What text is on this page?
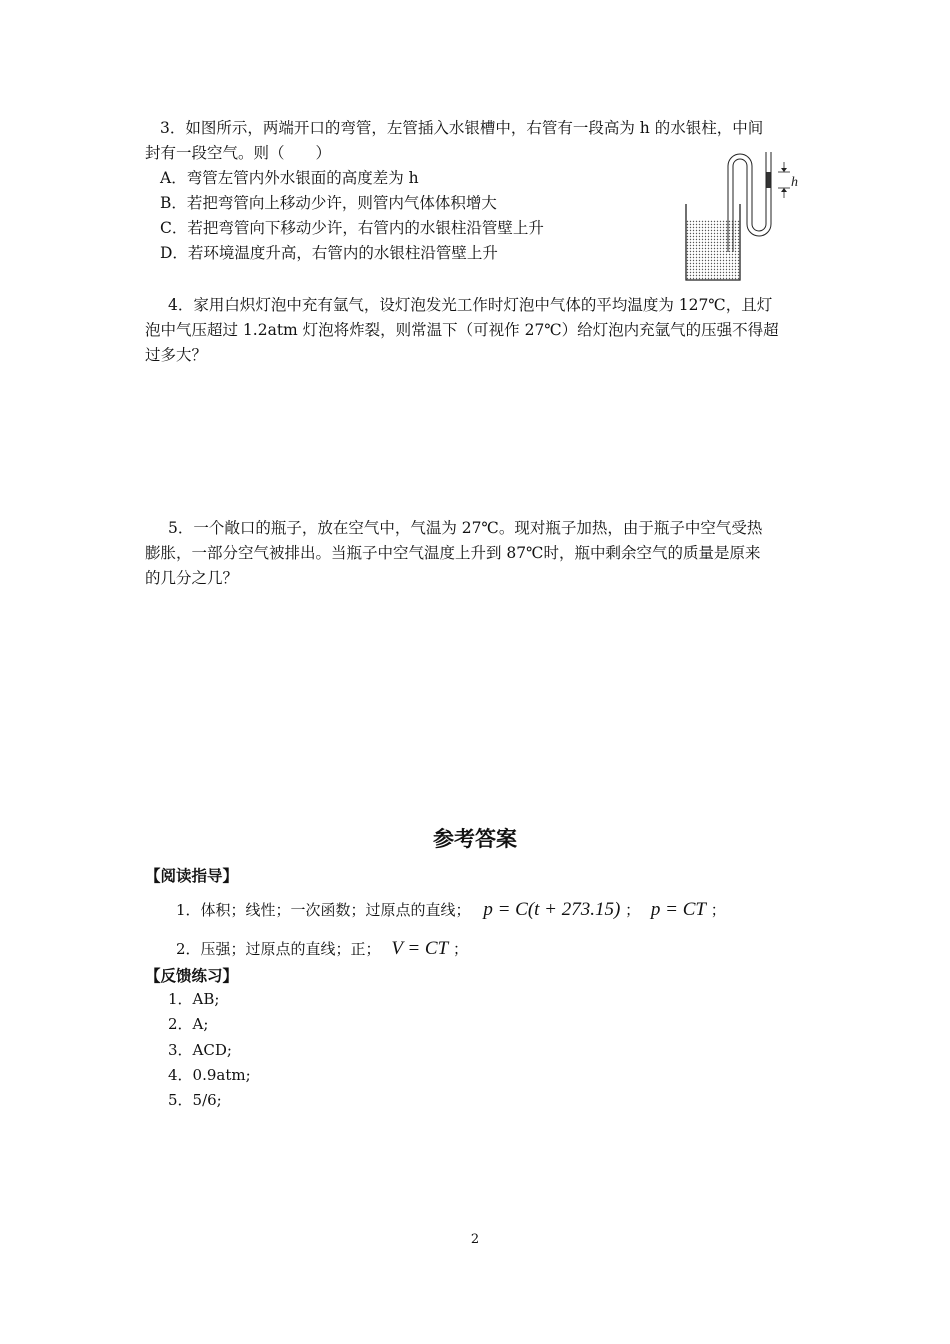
3．如图所示，两端开口的弯管，左管插入水银槽中，右管有一段高为 h 的水银柱，中间
封有一段空气。则（　　）
A．弯管左管内外水银面的高度差为 h
B．若把弯管向上移动少许，则管内气体体积增大
C．若把弯管向下移动少许，右管内的水银柱沿管壁上升
D．若环境温度升高，右管内的水银柱沿管壁上升
h
4．家用白炽灯泡中充有氩气，设灯泡发光工作时灯泡中气体的平均温度为 127℃，且灯
泡中气压超过 1.2atm 灯泡将炸裂，则常温下（可视作 27℃）给灯泡内充氩气的压强不得超
过多大？
5．一个敞口的瓶子，放在空气中，气温为 27℃。现对瓶子加热，由于瓶子中空气受热
膨胀，一部分空气被排出。当瓶子中空气温度上升到 87℃时，瓶中剩余空气的质量是原来
的几分之几？
参考答案
【阅读指导】
1．体积；线性；一次函数；过原点的直线； p = C(t + 273.15) ； p = CT ；
2．压强；过原点的直线；正； V = CT ；
【反馈练习】
1．AB;
2．A;
3．ACD;
4．0.9atm;
5．5/6;
2
